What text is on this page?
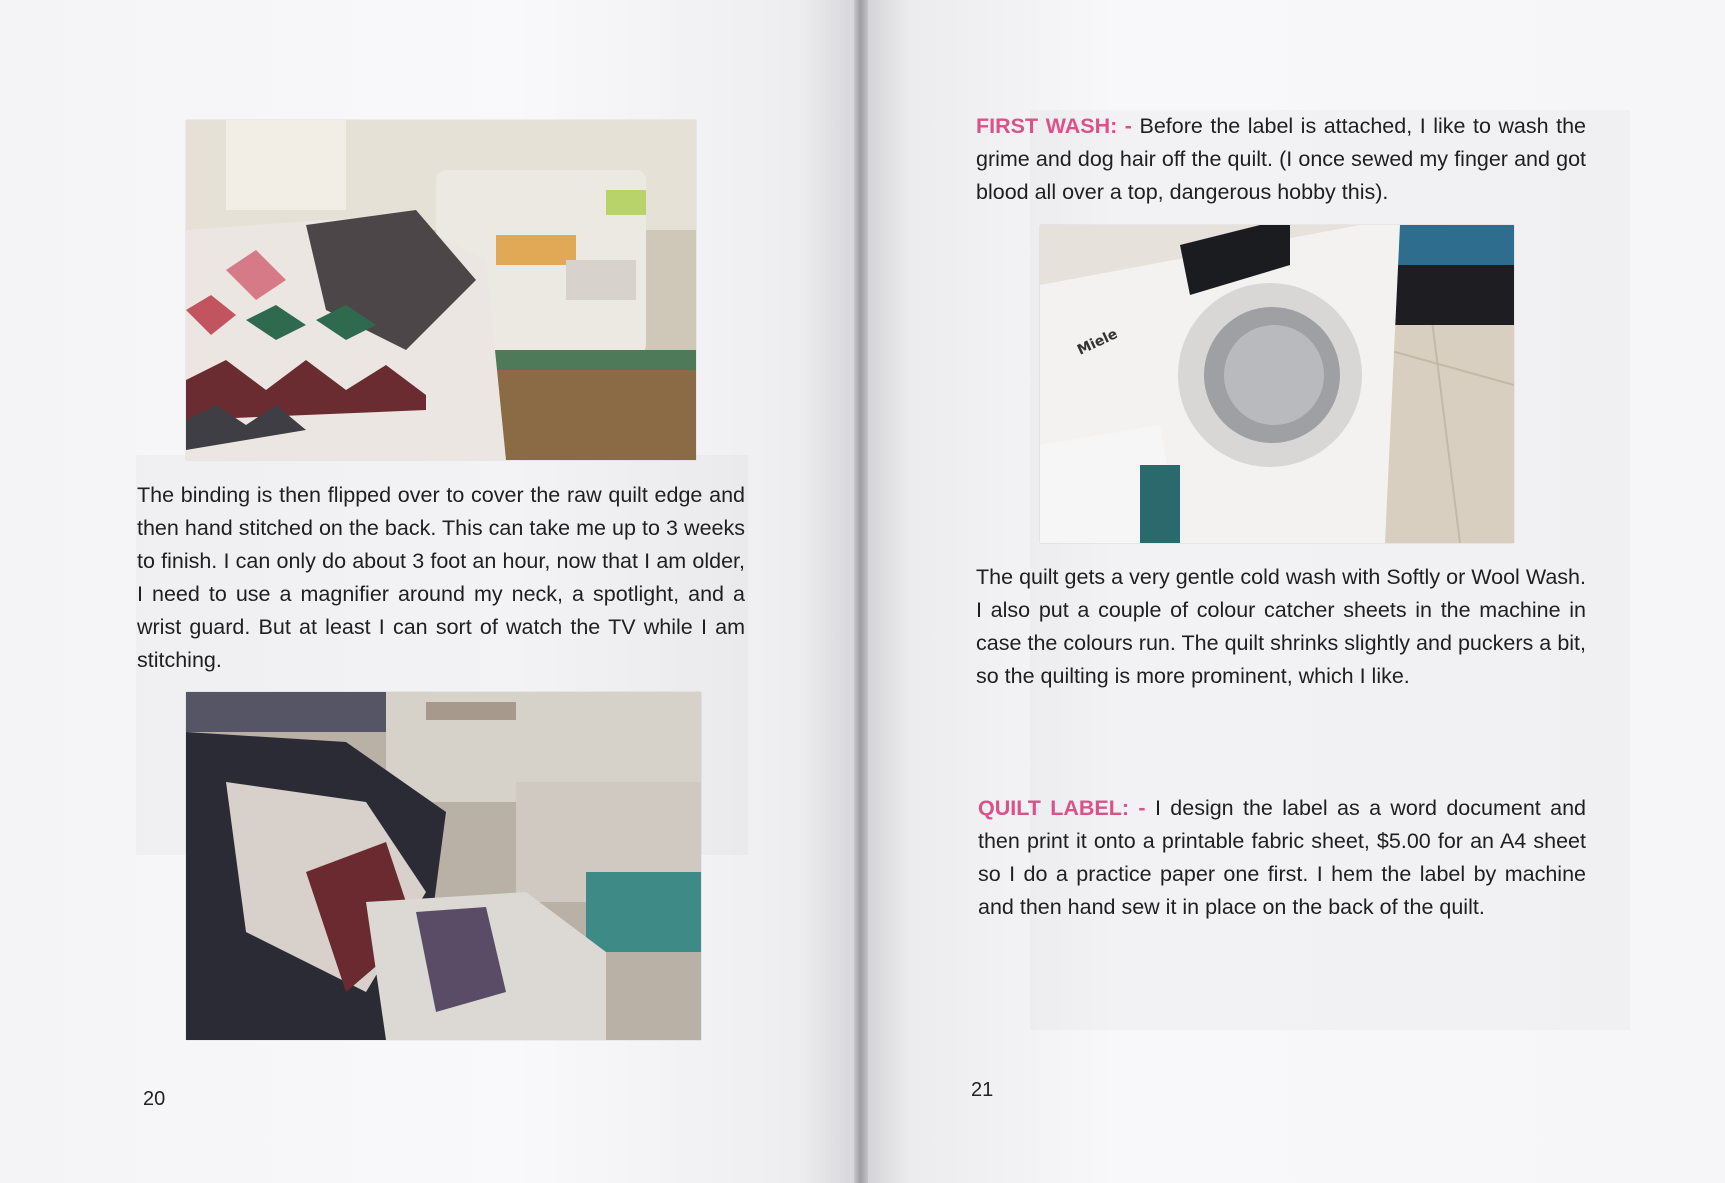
The binding is then flipped over to cover the raw quilt edge and then hand stitched on the back. This can take me up to 3 weeks to finish. I can only do about 3 foot an hour, now that I am older, I need to use a magnifier around my neck, a spotlight, and a wrist guard. But at least I can sort of watch the TV while I am stitching.

20

FIRST WASH: - Before the label is attached, I like to wash the grime and dog hair off the quilt. (I once sewed my finger and got blood all over a top, dangerous hobby this).

Miele

The quilt gets a very gentle cold wash with Softly or Wool Wash. I also put a couple of colour catcher sheets in the machine in case the colours run. The quilt shrinks slightly and puckers a bit, so the quilting is more prominent, which I like.

QUILT LABEL: - I design the label as a word document and then print it onto a printable fabric sheet, $5.00 for an A4 sheet so I do a practice paper one first. I hem the label by machine and then hand sew it in place on the back of the quilt.

21
